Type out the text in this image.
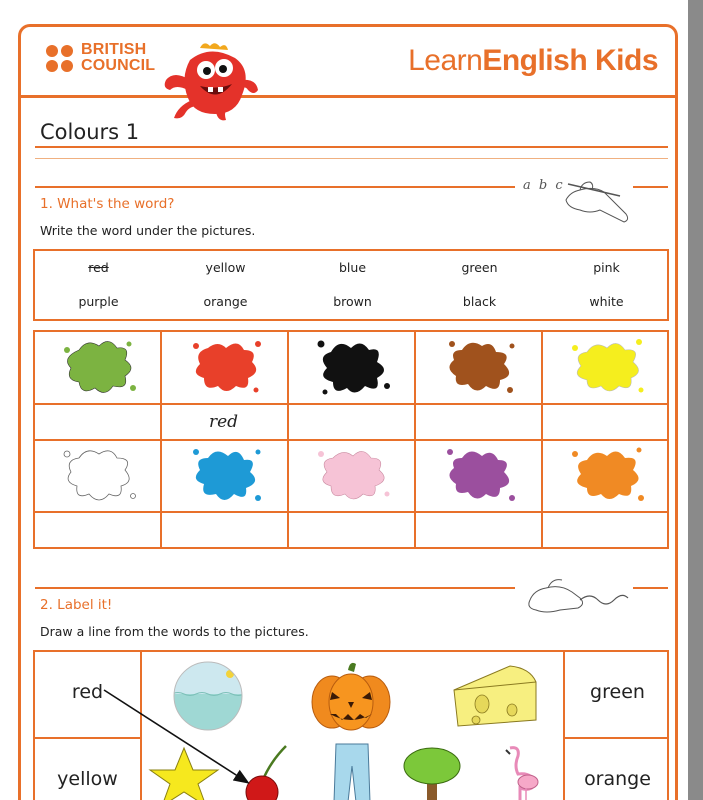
BRITISH
COUNCIL	LearnEnglish Kids
Colours 1
a b c
1. What's the word?
Write the word under the pictures.
red	yellow	blue	green	pink
purple	orange	brown	black	white
red
2. Label it!
Draw a line from the words to the pictures.
red
yellow
green
orange
